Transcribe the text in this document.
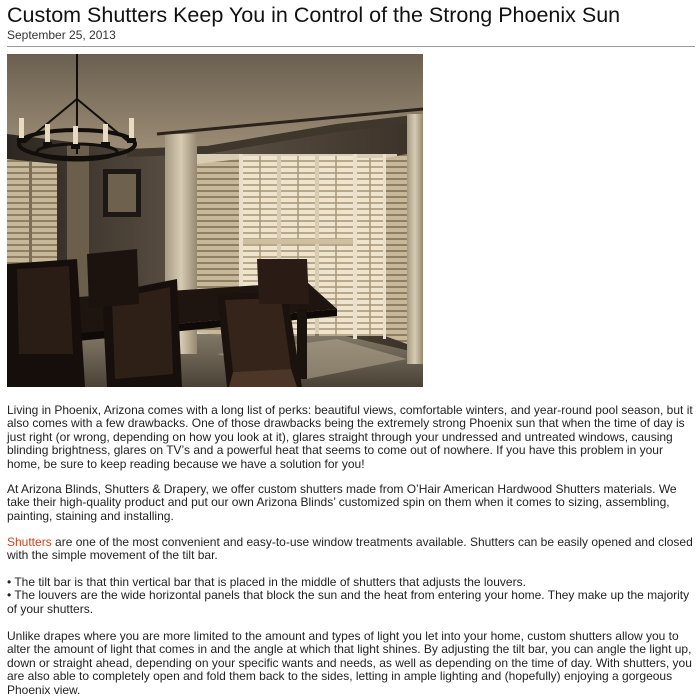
Custom Shutters Keep You in Control of the Strong Phoenix Sun
September 25, 2013

Living in Phoenix, Arizona comes with a long list of perks: beautiful views, comfortable winters, and year-round pool season, but it also comes with a few drawbacks. One of those drawbacks being the extremely strong Phoenix sun that when the time of day is just right (or wrong, depending on how you look at it), glares straight through your undressed and untreated windows, causing blinding brightness, glares on TV’s and a powerful heat that seems to come out of nowhere. If you have this problem in your home, be sure to keep reading because we have a solution for you!

At Arizona Blinds, Shutters & Drapery, we offer custom shutters made from O’Hair American Hardwood Shutters materials. We take their high-quality product and put our own Arizona Blinds’ customized spin on them when it comes to sizing, assembling, painting, staining and installing.

Shutters are one of the most convenient and easy-to-use window treatments available. Shutters can be easily opened and closed with the simple movement of the tilt bar.

• The tilt bar is that thin vertical bar that is placed in the middle of shutters that adjusts the louvers.
• The louvers are the wide horizontal panels that block the sun and the heat from entering your home. They make up the majority of your shutters.

Unlike drapes where you are more limited to the amount and types of light you let into your home, custom shutters allow you to alter the amount of light that comes in and the angle at which that light shines. By adjusting the tilt bar, you can angle the light up, down or straight ahead, depending on your specific wants and needs, as well as depending on the time of day. With shutters, you are also able to completely open and fold them back to the sides, letting in ample lighting and (hopefully) enjoying a gorgeous Phoenix view.
